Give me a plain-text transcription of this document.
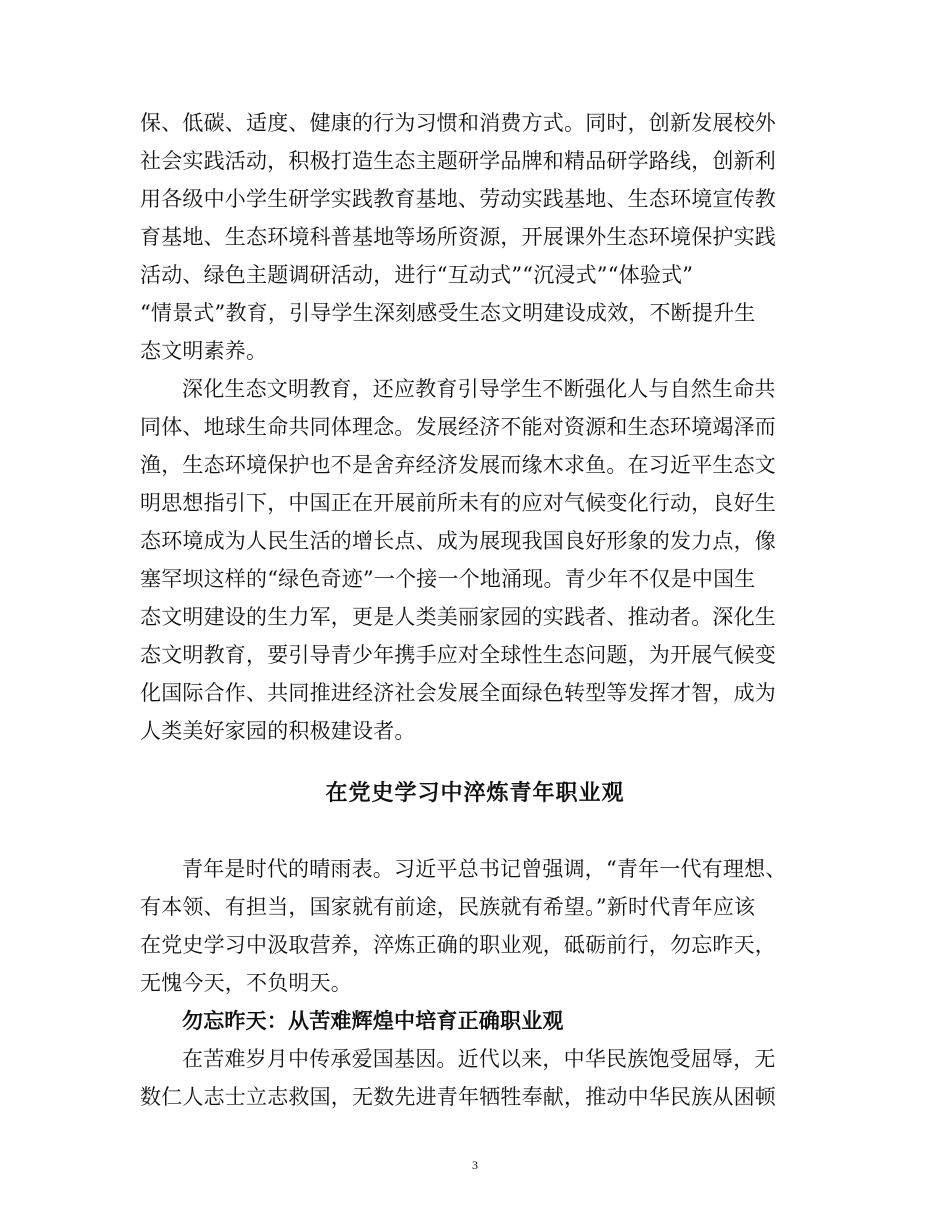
保、低碳、适度、健康的行为习惯和消费方式。同时，创新发展校外
社会实践活动，积极打造生态主题研学品牌和精品研学路线，创新利
用各级中小学生研学实践教育基地、劳动实践基地、生态环境宣传教
育基地、生态环境科普基地等场所资源，开展课外生态环境保护实践
活动、绿色主题调研活动，进行“互动式”“沉浸式”“体验式”
“情景式”教育，引导学生深刻感受生态文明建设成效，不断提升生
态文明素养。
深化生态文明教育，还应教育引导学生不断强化人与自然生命共
同体、地球生命共同体理念。发展经济不能对资源和生态环境竭泽而
渔，生态环境保护也不是舍弃经济发展而缘木求鱼。在习近平生态文
明思想指引下，中国正在开展前所未有的应对气候变化行动，良好生
态环境成为人民生活的增长点、成为展现我国良好形象的发力点，像
塞罕坝这样的“绿色奇迹”一个接一个地涌现。青少年不仅是中国生
态文明建设的生力军，更是人类美丽家园的实践者、推动者。深化生
态文明教育，要引导青少年携手应对全球性生态问题，为开展气候变
化国际合作、共同推进经济社会发展全面绿色转型等发挥才智，成为
人类美好家园的积极建设者。
在党史学习中淬炼青年职业观
青年是时代的晴雨表。习近平总书记曾强调，“青年一代有理想、
有本领、有担当，国家就有前途，民族就有希望。”新时代青年应该
在党史学习中汲取营养，淬炼正确的职业观，砥砺前行，勿忘昨天，
无愧今天，不负明天。
勿忘昨天：从苦难辉煌中培育正确职业观
在苦难岁月中传承爱国基因。近代以来，中华民族饱受屈辱，无
数仁人志士立志救国，无数先进青年牺牲奉献，推动中华民族从困顿
3
